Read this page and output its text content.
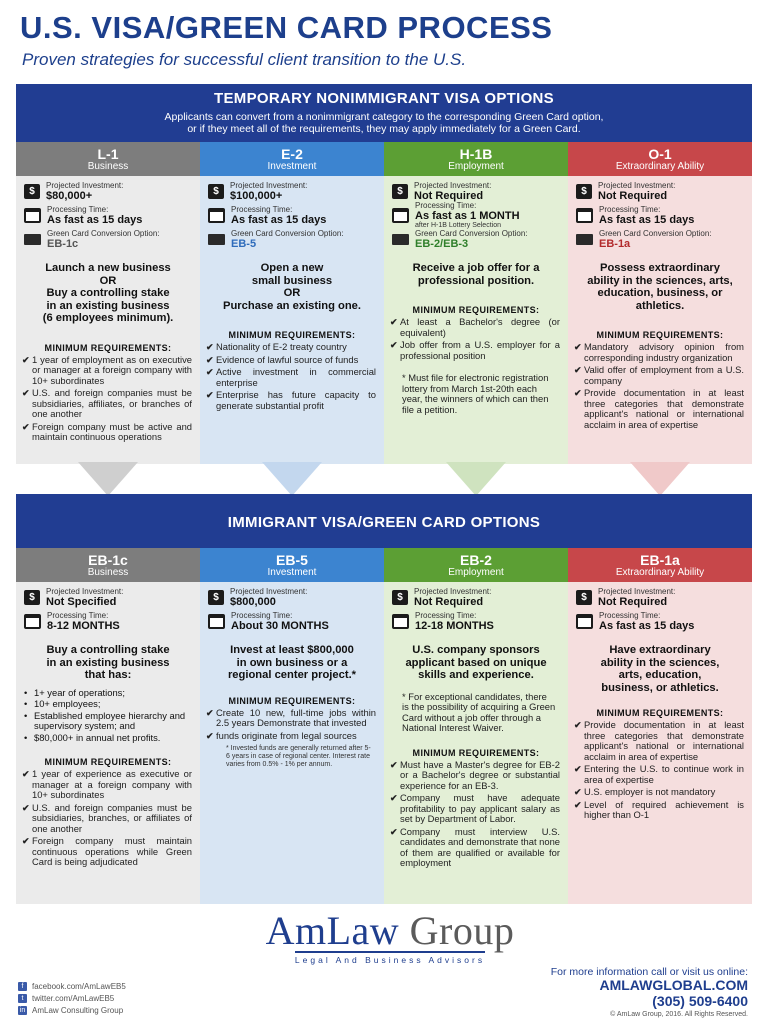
U.S. VISA/GREEN CARD PROCESS
Proven strategies for successful client transition to the U.S.
TEMPORARY NONIMMIGRANT VISA OPTIONS
Applicants can convert from a nonimmigrant category to the corresponding Green Card option,
or if they meet all of the requirements, they may apply immediately for a Green Card.
L-1
Business
$
Projected Investment:
$80,000+
Processing Time:
As fast as 15 days
Green Card Conversion Option:
EB-1c
Launch a new business
OR
Buy a controlling stake
in an existing business
(6 employees minimum).
MINIMUM REQUIREMENTS:
✔ 1 year of employment as on executive or manager at a foreign company with 10+ subordinates
✔ U.S. and foreign companies must be subsidiaries, affiliates, or branches of one another
✔ Foreign company must be active and maintain continuous operations
E-2
Investment
$
Projected Investment:
$100,000+
Processing Time:
As fast as 15 days
Green Card Conversion Option:
EB-5
Open a new
small business
OR
Purchase an existing one.
MINIMUM REQUIREMENTS:
✔ Nationality of E-2 treaty country
✔ Evidence of lawful source of funds
✔ Active investment in commercial enterprise
✔ Enterprise has future capacity to generate substantial profit
H-1B
Employment
$
Projected Investment:
Not Required
Processing Time:
As fast as 1 MONTH
after H-1B Lottery Selection
Green Card Conversion Option:
EB-2/EB-3
Receive a job offer for a
professional position.
MINIMUM REQUIREMENTS:
✔ At least a Bachelor's degree (or equivalent)
✔ Job offer from a U.S. employer for a professional position
* Must file for electronic registration lottery from March 1st-20th each year, the winners of which can then file a petition.
O-1
Extraordinary Ability
$
Projected Investment:
Not Required
Processing Time:
As fast as 15 days
Green Card Conversion Option:
EB-1a
Possess extraordinary
ability in the sciences, arts,
education, business, or
athletics.
MINIMUM REQUIREMENTS:
✔ Mandatory advisory opinion from corresponding industry organization
✔ Valid offer of employment from a U.S. company
✔ Provide documentation in at least three categories that demonstrate applicant's national or international acclaim in area of expertise
IMMIGRANT VISA/GREEN CARD OPTIONS
EB-1c
Business
$
Projected Investment:
Not Specified
Processing Time:
8-12 MONTHS
Buy a controlling stake
in an existing business
that has:
• 1+ year of operations;
• 10+ employees;
• Established employee hierarchy and supervisory system; and
• $80,000+ in annual net profits.
MINIMUM REQUIREMENTS:
✔ 1 year of experience as executive or manager at a foreign company with 10+ subordinates
✔ U.S. and foreign companies must be subsidiaries, branches, or affiliates of one another
✔ Foreign company must maintain continuous operations while Green Card is being adjudicated
EB-5
Investment
$
Projected Investment:
$800,000
Processing Time:
About 30 MONTHS
Invest at least $800,000
in own business or a
regional center project.*
MINIMUM REQUIREMENTS:
✔ Create 10 new, full-time jobs within 2.5 years Demonstrate that invested
✔ funds originate from legal sources
* Invested funds are generally returned after 5-6 years in case of regional center. Interest rate varies from 0.5% - 1% per annum.
EB-2
Employment
$
Projected Investment:
Not Required
Processing Time:
12-18 MONTHS
U.S. company sponsors
applicant based on unique
skills and experience.
* For exceptional candidates, there is the possibility of acquiring a Green Card without a job offer through a National Interest Waiver.
MINIMUM REQUIREMENTS:
✔ Must have a Master's degree for EB-2 or a Bachelor's degree or substantial experience for an EB-3.
✔ Company must have adequate profitability to pay applicant salary as set by Department of Labor.
✔ Company must interview U.S. candidates and demonstrate that none of them are qualified or available for employment
EB-1a
Extraordinary Ability
$
Projected Investment:
Not Required
Processing Time:
As fast as 15 days
Have extraordinary
ability in the sciences,
arts, education,
business, or athletics.
MINIMUM REQUIREMENTS:
✔ Provide documentation in at least three categories that demonstrate applicant's national or international acclaim in area of expertise
✔ Entering the U.S. to continue work in area of expertise
✔ U.S. employer is not mandatory
✔ Level of required achievement is higher than O-1
AmLaw Group
Legal And Business Advisors
f	facebook.com/AmLawEB5
t	twitter.com/AmLawEB5
in AmLaw Consulting Group
For more information call or visit us online:
AMLAWGLOBAL.COM
(305) 509-6400
© AmLaw Group, 2016. All Rights Reserved.
